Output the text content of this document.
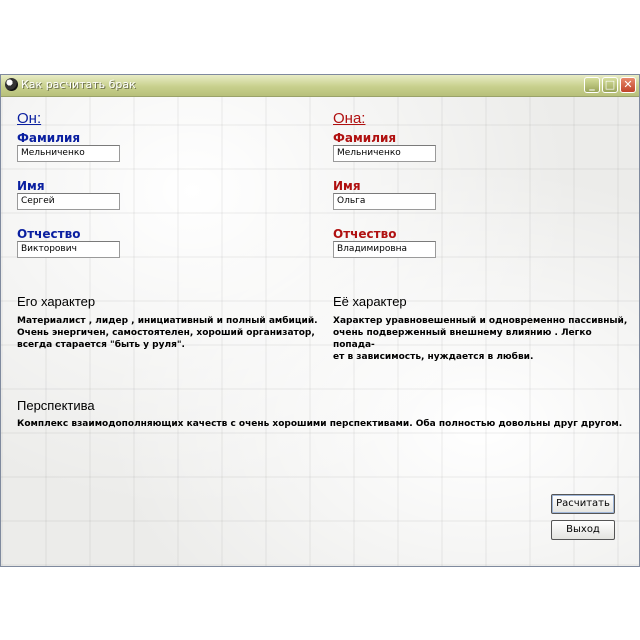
Как расчитать брак	_ □ ✕
Он:
Фамилия
Мельниченко
Имя
Сергей
Отчество
Викторович
Она:
Фамилия
Мельниченко
Имя
Ольга
Отчество
Владимировна
Его характер
Материалист , лидер , инициативный и полный амбиций.
Очень энергичен, самостоятелен, хороший организатор,
всегда старается "быть у руля".
Её характер
Характер уравновешенный и одновременно пассивный,
очень подверженный внешнему влиянию . Легко попада-
ет в зависимость, нуждается в любви.
Перспектива
Комплекс взаимодополняющих качеств с очень хорошими перспективами. Оба полностью довольны друг другом.
Расчитать
Выход
